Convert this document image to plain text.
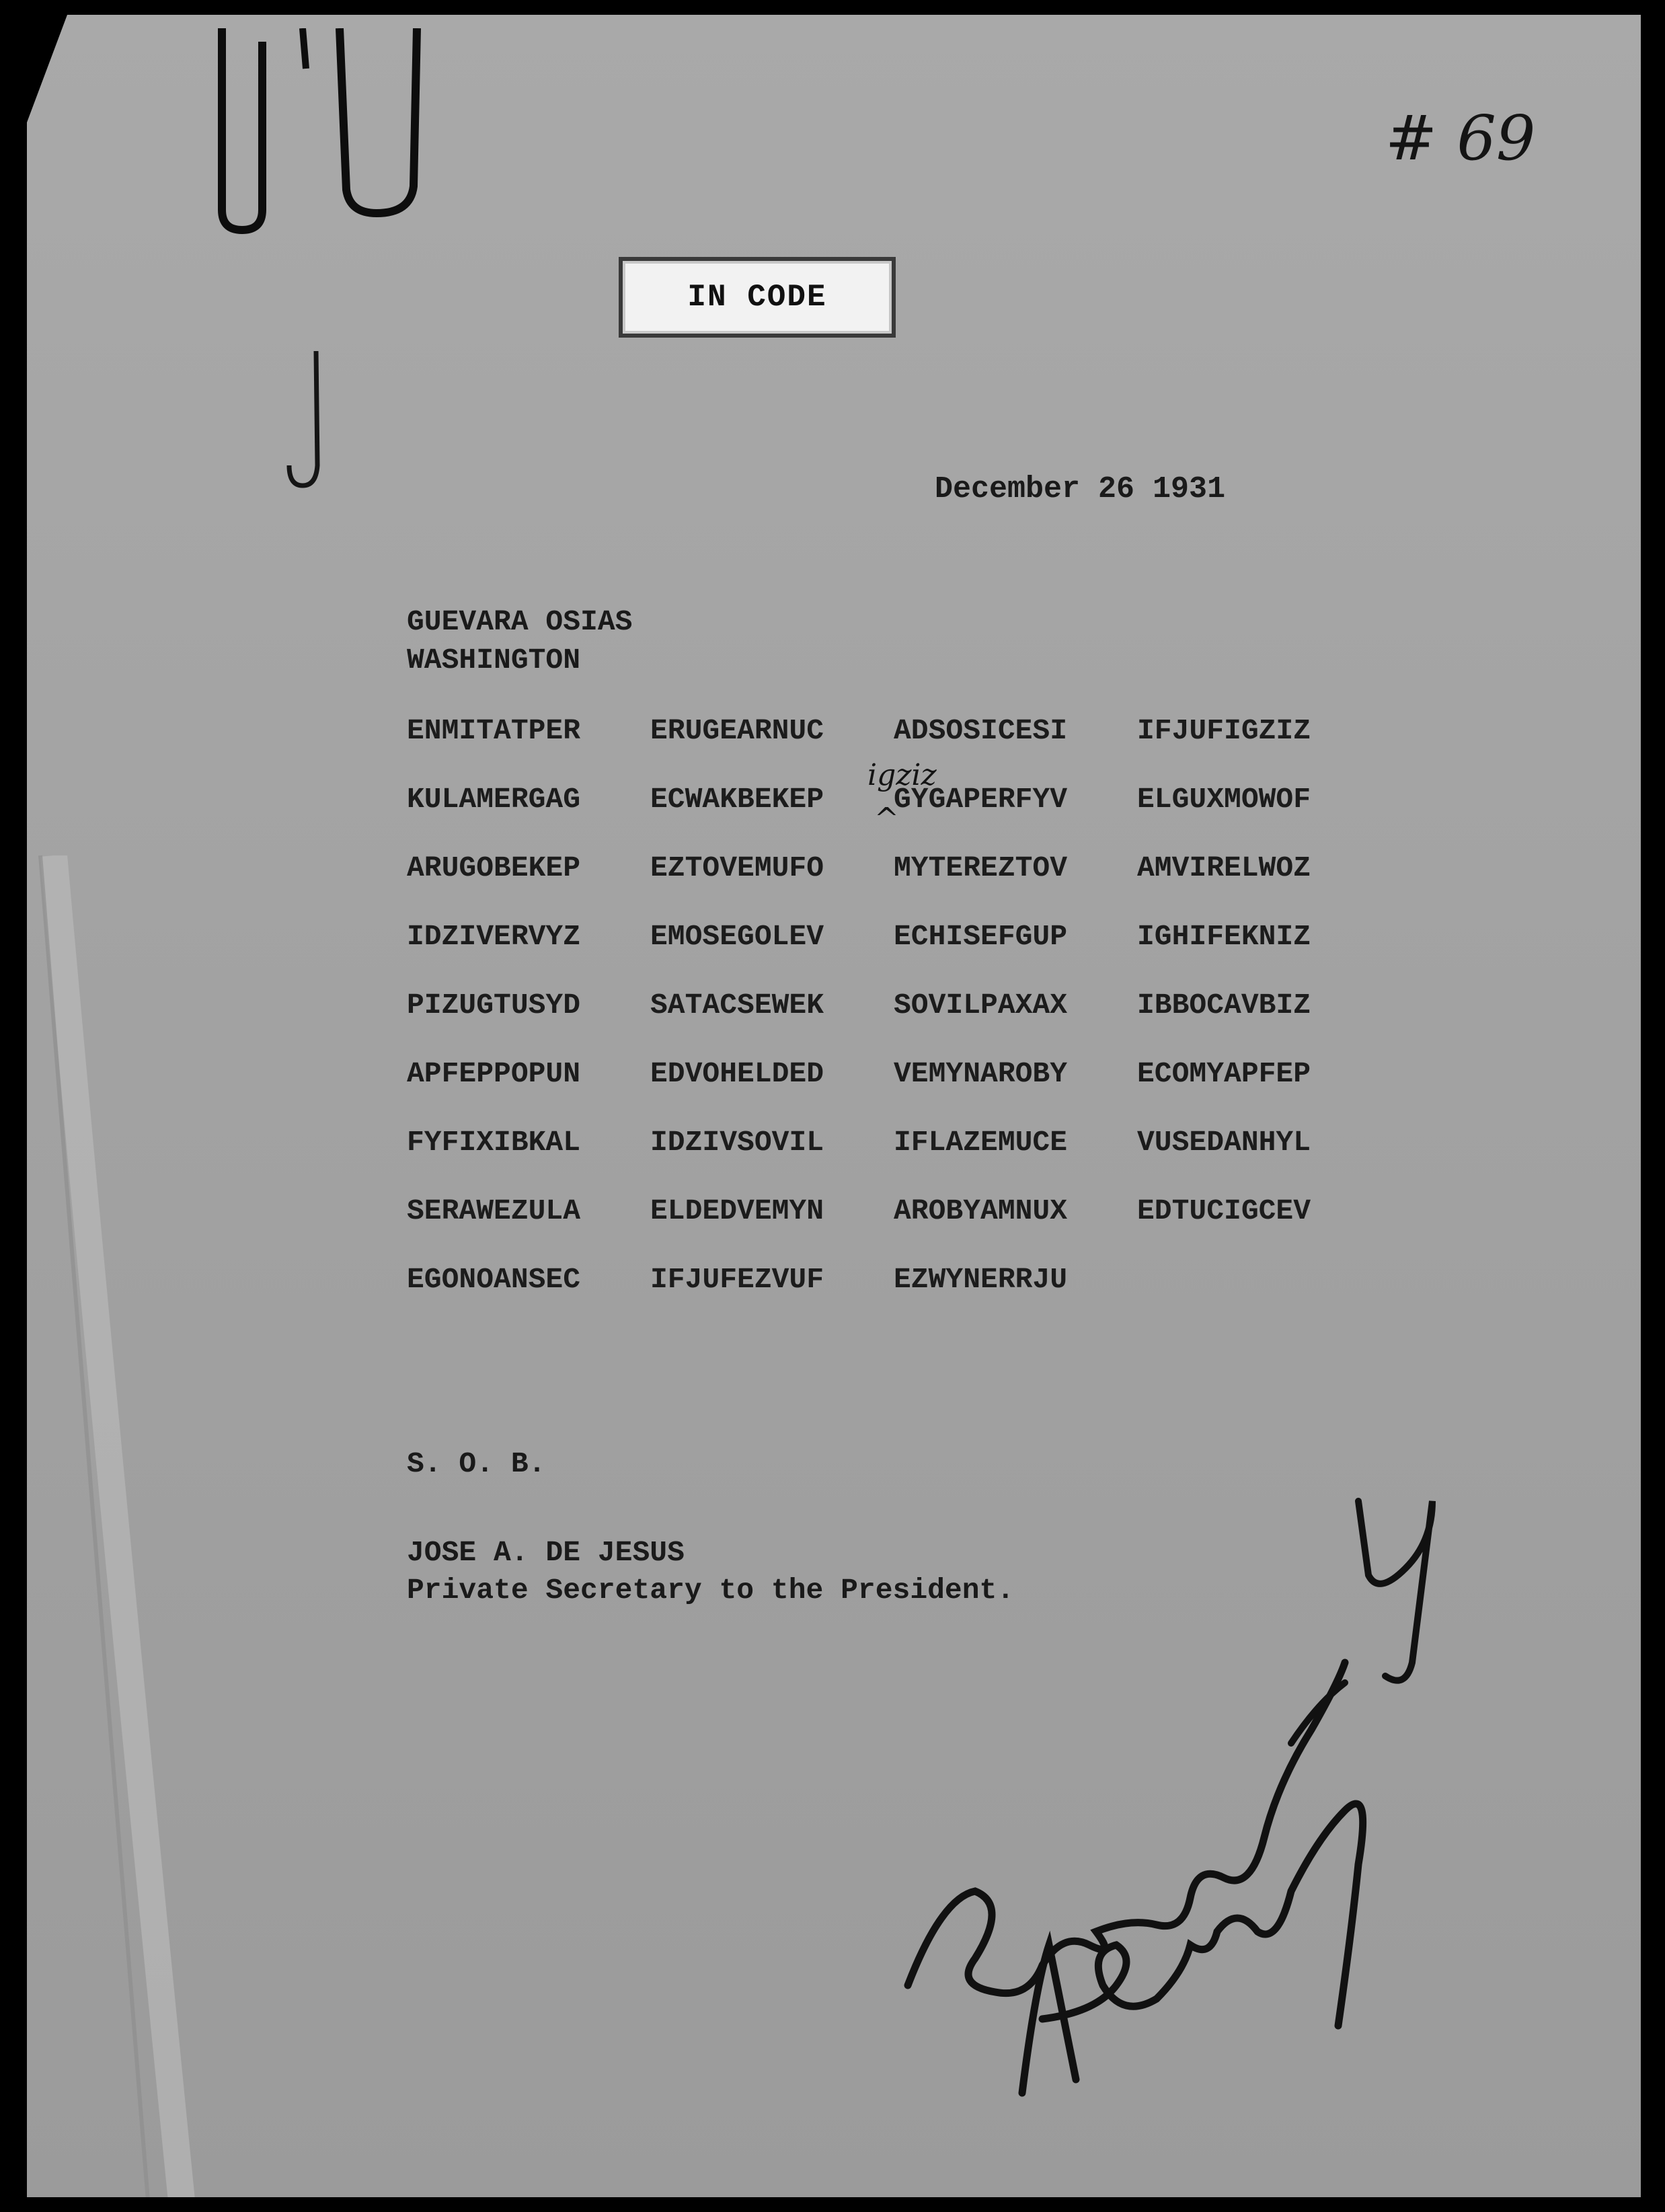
# 69
IN CODE
December 26 1931
GUEVARA OSIAS
WASHINGTON
ENMITATPER	ERUGEARNUC	ADSOSICESI	IFJUFIGZIZ
KULAMERGAG	ECWAKBEKEP	GYGAPERFYV	ELGUXMOWOF
ARUGOBEKEP	EZTOVEMUFO	MYTEREZTOV	AMVIRELWOZ
IDZIVERVYZ	EMOSEGOLEV	ECHISEFGUP	IGHIFEKNIZ
PIZUGTUSYD	SATACSEWEK	SOVILPAXAX	IBBOCAVBIZ
APFEPPOPUN	EDVOHELDED	VEMYNAROBY	ECOMYAPFEP
FYFIXIBKAL	IDZIVSOVIL	IFLAZEMUCE	VUSEDANHYL
SERAWEZULA	ELDEDVEMYN	AROBYAMNUX	EDTUCIGCEV
EGONOANSEC	IFJUFEZVUF	EZWYNERRJU
igziz
^
S. O. B.
JOSE A. DE JESUS
Private Secretary to the President.
